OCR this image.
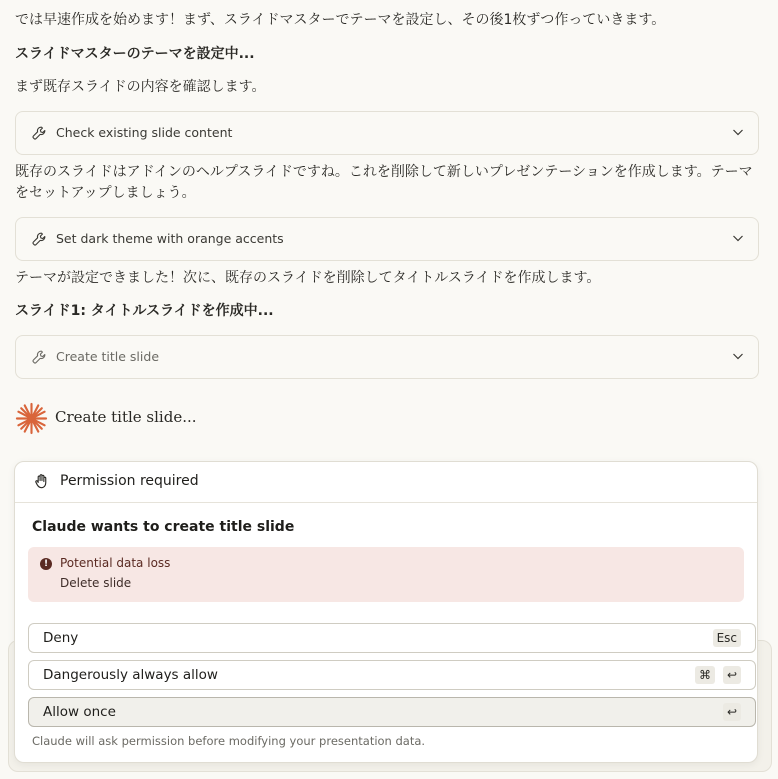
では早速作成を始めます！まず、スライドマスターでテーマを設定し、その後1枚ずつ作っていきます。
スライドマスターのテーマを設定中...
まず既存スライドの内容を確認します。
Check existing slide content
既存のスライドはアドインのヘルプスライドですね。これを削除して新しいプレゼンテーションを作成します。テーマをセットアップしましょう。
Set dark theme with orange accents
テーマが設定できました！次に、既存のスライドを削除してタイトルスライドを作成します。
スライド1: タイトルスライドを作成中...
Create title slide
Create title slide...
Permission required
Claude wants to create title slide
! Potential data loss
Delete slide
Deny	Esc
Dangerously always allow	⌘	↩
Allow once	↩
Claude will ask permission before modifying your presentation data.
